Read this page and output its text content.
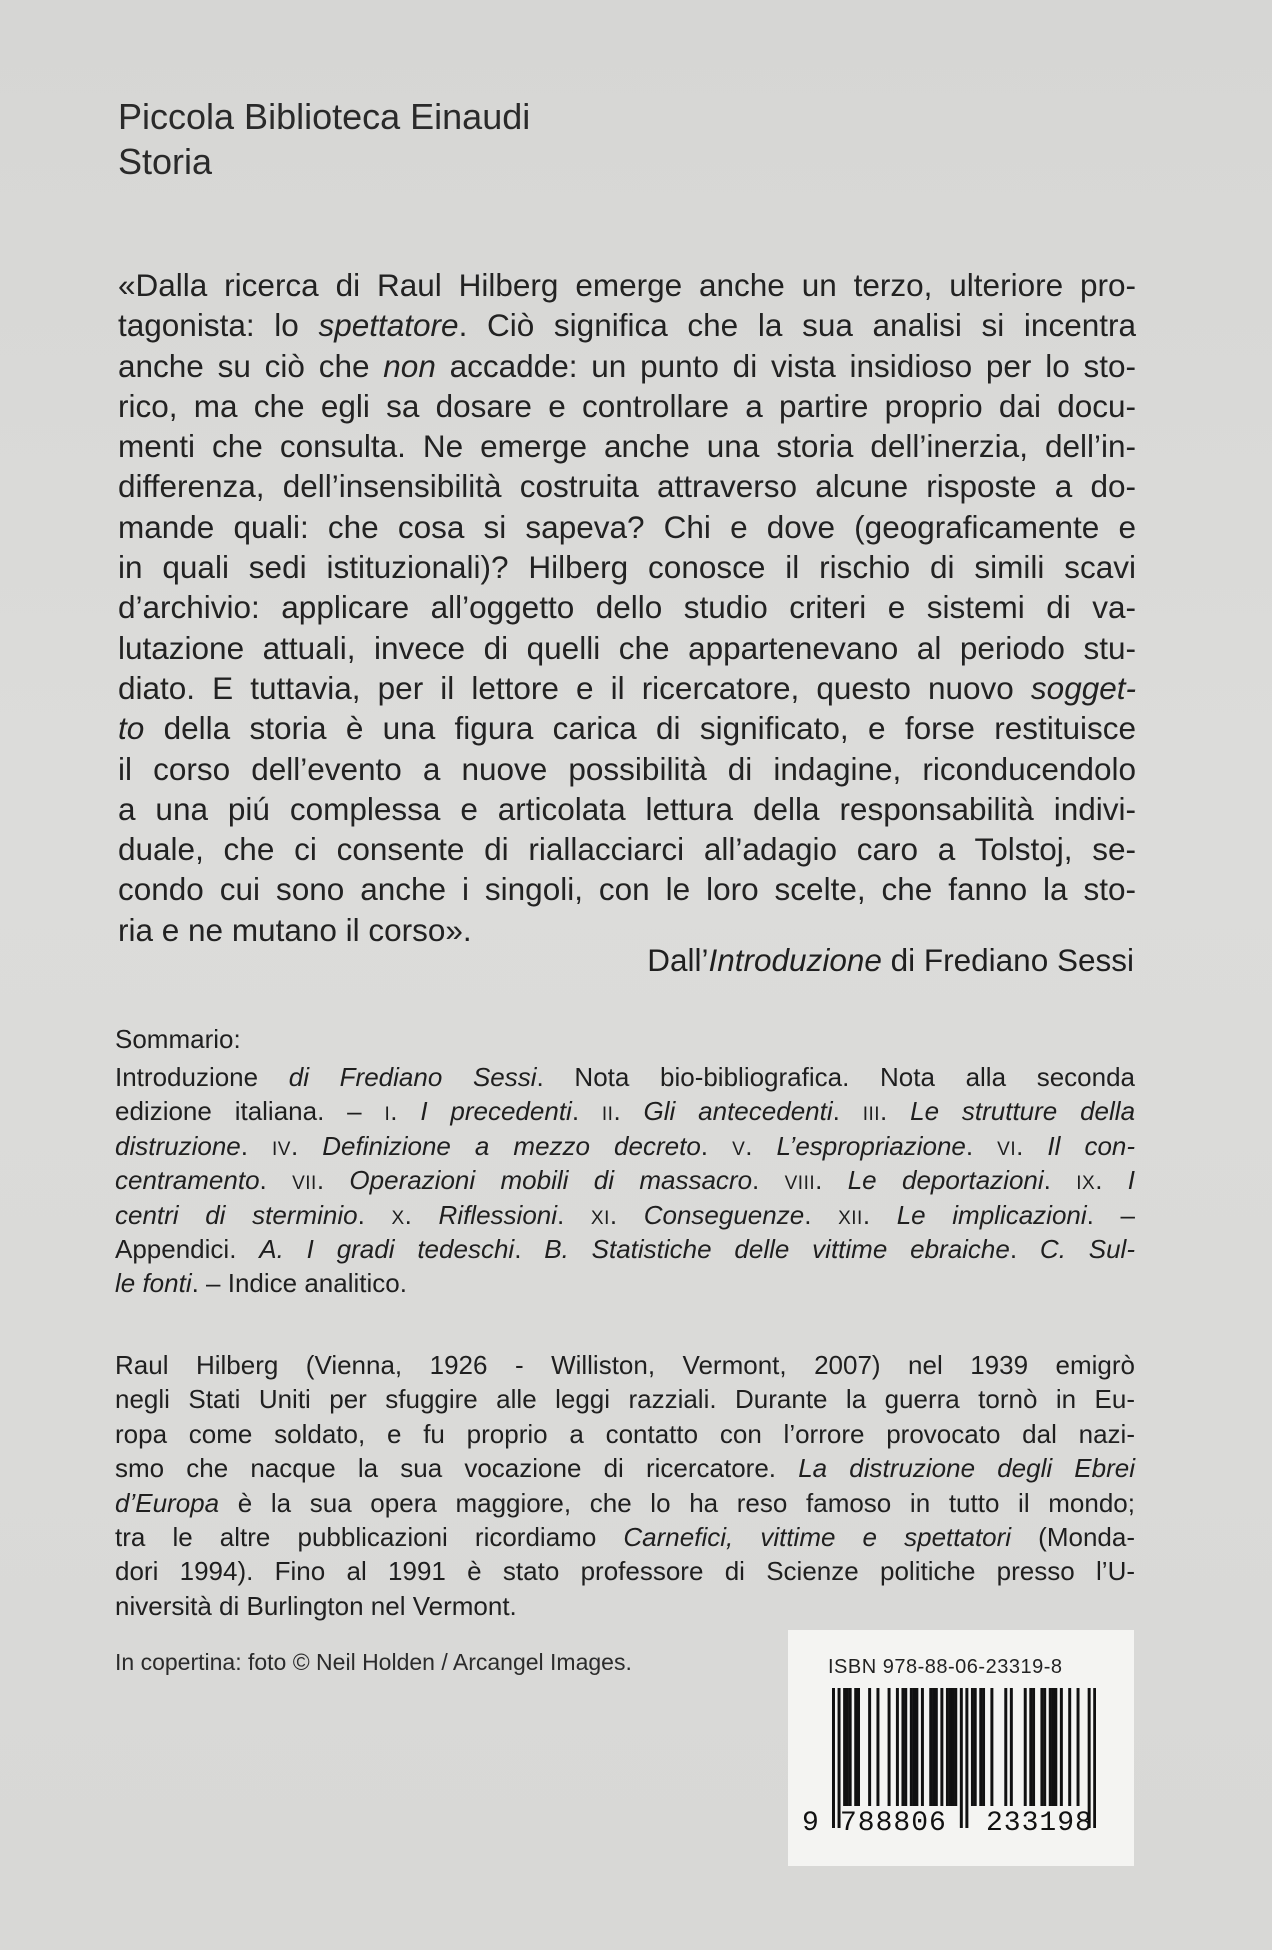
Piccola Biblioteca Einaudi
Storia
«Dalla ricerca di Raul Hilberg emerge anche un terzo, ulteriore pro-
tagonista: lo spettatore. Ciò significa che la sua analisi si incentra
anche su ciò che non accadde: un punto di vista insidioso per lo sto-
rico, ma che egli sa dosare e controllare a partire proprio dai docu-
menti che consulta. Ne emerge anche una storia dell’inerzia, dell’in-
differenza, dell’insensibilità costruita attraverso alcune risposte a do-
mande quali: che cosa si sapeva? Chi e dove (geograficamente e
in quali sedi istituzionali)? Hilberg conosce il rischio di simili scavi
d’archivio: applicare all’oggetto dello studio criteri e sistemi di va-
lutazione attuali, invece di quelli che appartenevano al periodo stu-
diato. E tuttavia, per il lettore e il ricercatore, questo nuovo sogget-
to della storia è una figura carica di significato, e forse restituisce
il corso dell’evento a nuove possibilità di indagine, riconducendolo
a una piú complessa e articolata lettura della responsabilità indivi-
duale, che ci consente di riallacciarci all’adagio caro a Tolstoj, se-
condo cui sono anche i singoli, con le loro scelte, che fanno la sto-
ria e ne mutano il corso».
Dall’Introduzione di Frediano Sessi
Sommario:
Introduzione di Frediano Sessi. Nota bio-bibliografica. Nota alla seconda
edizione italiana. – I. I precedenti. II. Gli antecedenti. III. Le strutture della
distruzione. IV. Definizione a mezzo decreto. V. L’espropriazione. VI. Il con-
centramento. VII. Operazioni mobili di massacro. VIII. Le deportazioni. IX. I
centri di sterminio. X. Riflessioni. XI. Conseguenze. XII. Le implicazioni. –
Appendici. A. I gradi tedeschi. B. Statistiche delle vittime ebraiche. C. Sul-
le fonti. – Indice analitico.
Raul Hilberg (Vienna, 1926 - Williston, Vermont, 2007) nel 1939 emigrò
negli Stati Uniti per sfuggire alle leggi razziali. Durante la guerra tornò in Eu-
ropa come soldato, e fu proprio a contatto con l’orrore provocato dal nazi-
smo che nacque la sua vocazione di ricercatore. La distruzione degli Ebrei
d’Europa è la sua opera maggiore, che lo ha reso famoso in tutto il mondo;
tra le altre pubblicazioni ricordiamo Carnefici, vittime e spettatori (Monda-
dori 1994). Fino al 1991 è stato professore di Scienze politiche presso l’U-
niversità di Burlington nel Vermont.
In copertina: foto © Neil Holden / Arcangel Images.	ISBN 978-88-06-23319-8
9 788806 233198
